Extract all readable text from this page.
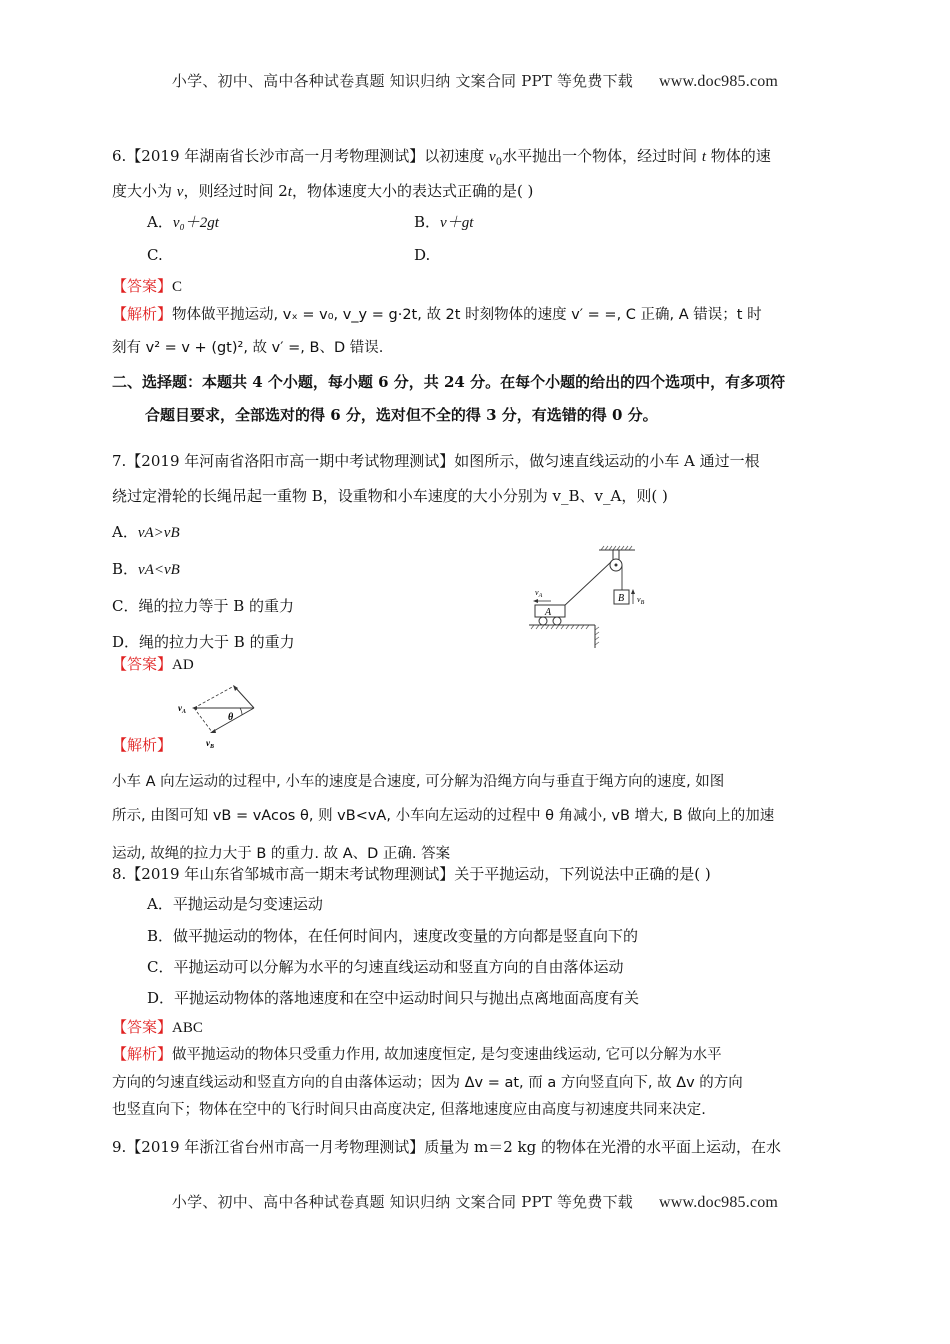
小学、初中、高中各种试卷真题 知识归纳 文案合同 PPT 等免费下载 www.doc985.com
6.【2019 年湖南省长沙市高一月考物理测试】以初速度 $v_0$水平抛出一个物体，经过时间 t 物体的速
度大小为 v，则经过时间 2t，物体速度大小的表达式正确的是( )
A．v₀＋2gt	B．v＋gt
C.	D.
【答案】C
【解析】物体做平抛运动, vₓ = v₀, v_y = g·2t, 故 2t 时刻物体的速度 v′ = =, C 正确, A 错误；t 时
刻有 v² = v + (gt)², 故 v′ =, B、D 错误.
二、选择题：本题共 4 个小题，每小题 6 分，共 24 分。在每个小题的给出的四个选项中，有多项符
合题目要求，全部选对的得 6 分，选对但不全的得 3 分，有选错的得 0 分。
7.【2019 年河南省洛阳市高一期中考试物理测试】如图所示，做匀速直线运动的小车 A 通过一根
绕过定滑轮的长绳吊起一重物 B，设重物和小车速度的大小分别为 v_B、v_A，则( )
A．vA>vB
B．vA<vB
C．绳的拉力等于 B 的重力
D．绳的拉力大于 B 的重力
B $v_B$
A
$v_A$
【答案】AD
θ
$v_A$
$v_B$
【解析】
小车 A 向左运动的过程中, 小车的速度是合速度, 可分解为沿绳方向与垂直于绳方向的速度, 如图
所示, 由图可知 vB = vAcos θ, 则 vB<vA, 小车向左运动的过程中 θ 角减小, vB 增大, B 做向上的加速
运动, 故绳的拉力大于 B 的重力. 故 A、D 正确. 答案
8.【2019 年山东省邹城市高一期末考试物理测试】关于平抛运动，下列说法中正确的是( )
A．平抛运动是匀变速运动
B．做平抛运动的物体，在任何时间内，速度改变量的方向都是竖直向下的
C．平抛运动可以分解为水平的匀速直线运动和竖直方向的自由落体运动
D．平抛运动物体的落地速度和在空中运动时间只与抛出点离地面高度有关
【答案】ABC
【解析】做平抛运动的物体只受重力作用, 故加速度恒定, 是匀变速曲线运动, 它可以分解为水平
方向的匀速直线运动和竖直方向的自由落体运动；因为 Δv = at, 而 a 方向竖直向下, 故 Δv 的方向
也竖直向下；物体在空中的飞行时间只由高度决定, 但落地速度应由高度与初速度共同来决定.
9.【2019 年浙江省台州市高一月考物理测试】质量为 m＝2 kg 的物体在光滑的水平面上运动，在水
小学、初中、高中各种试卷真题 知识归纳 文案合同 PPT 等免费下载 www.doc985.com
